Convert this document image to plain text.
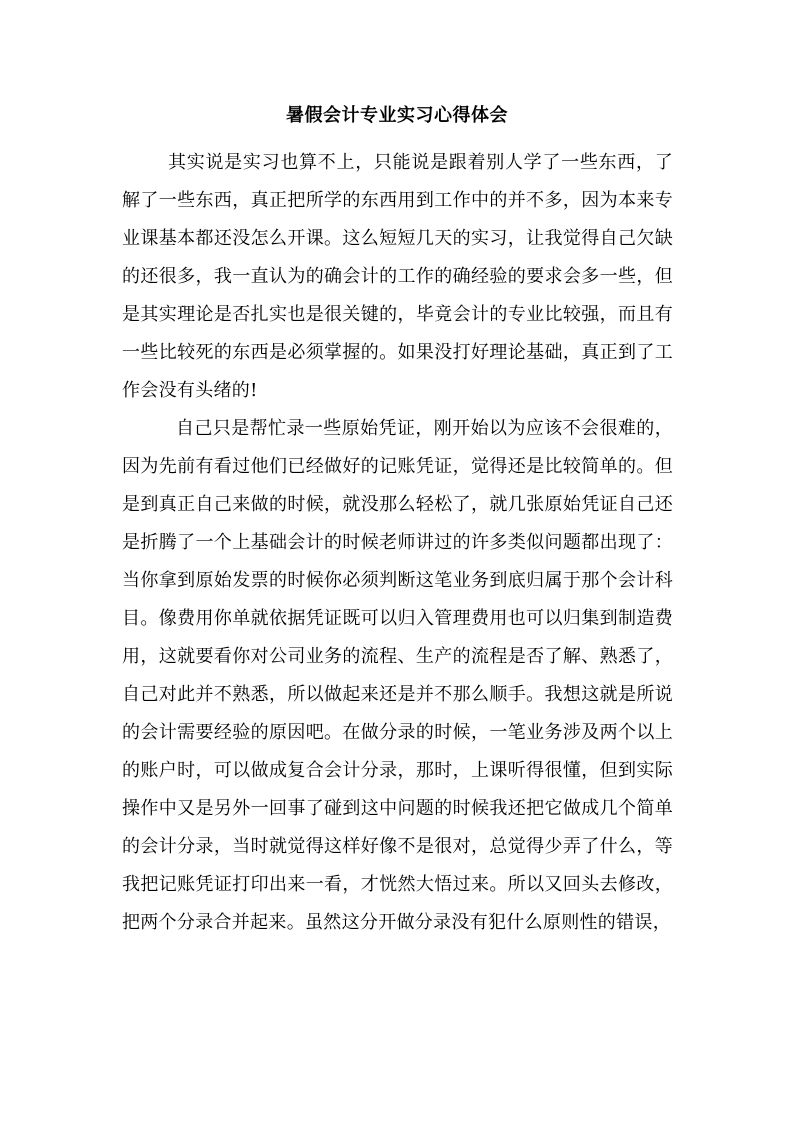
暑假会计专业实习心得体会

其实说是实习也算不上，只能说是跟着别人学了一些东西，了解了一些东西，真正把所学的东西用到工作中的并不多，因为本来专业课基本都还没怎么开课。这么短短几天的实习，让我觉得自己欠缺的还很多，我一直认为的确会计的工作的确经验的要求会多一些，但是其实理论是否扎实也是很关键的，毕竟会计的专业比较强，而且有一些比较死的东西是必须掌握的。如果没打好理论基础，真正到了工作会没有头绪的!

自己只是帮忙录一些原始凭证，刚开始以为应该不会很难的，因为先前有看过他们已经做好的记账凭证，觉得还是比较简单的。但是到真正自己来做的时候，就没那么轻松了，就几张原始凭证自己还是折腾了一个上基础会计的时候老师讲过的许多类似问题都出现了：当你拿到原始发票的时候你必须判断这笔业务到底归属于那个会计科目。像费用你单就依据凭证既可以归入管理费用也可以归集到制造费用，这就要看你对公司业务的流程、生产的流程是否了解、熟悉了，自己对此并不熟悉，所以做起来还是并不那么顺手。我想这就是所说的会计需要经验的原因吧。在做分录的时候，一笔业务涉及两个以上的账户时，可以做成复合会计分录，那时，上课听得很懂，但到实际操作中又是另外一回事了碰到这中问题的时候我还把它做成几个简单的会计分录，当时就觉得这样好像不是很对，总觉得少弄了什么，等我把记账凭证打印出来一看，才恍然大悟过来。所以又回头去修改，把两个分录合并起来。虽然这分开做分录没有犯什么原则性的错误，
